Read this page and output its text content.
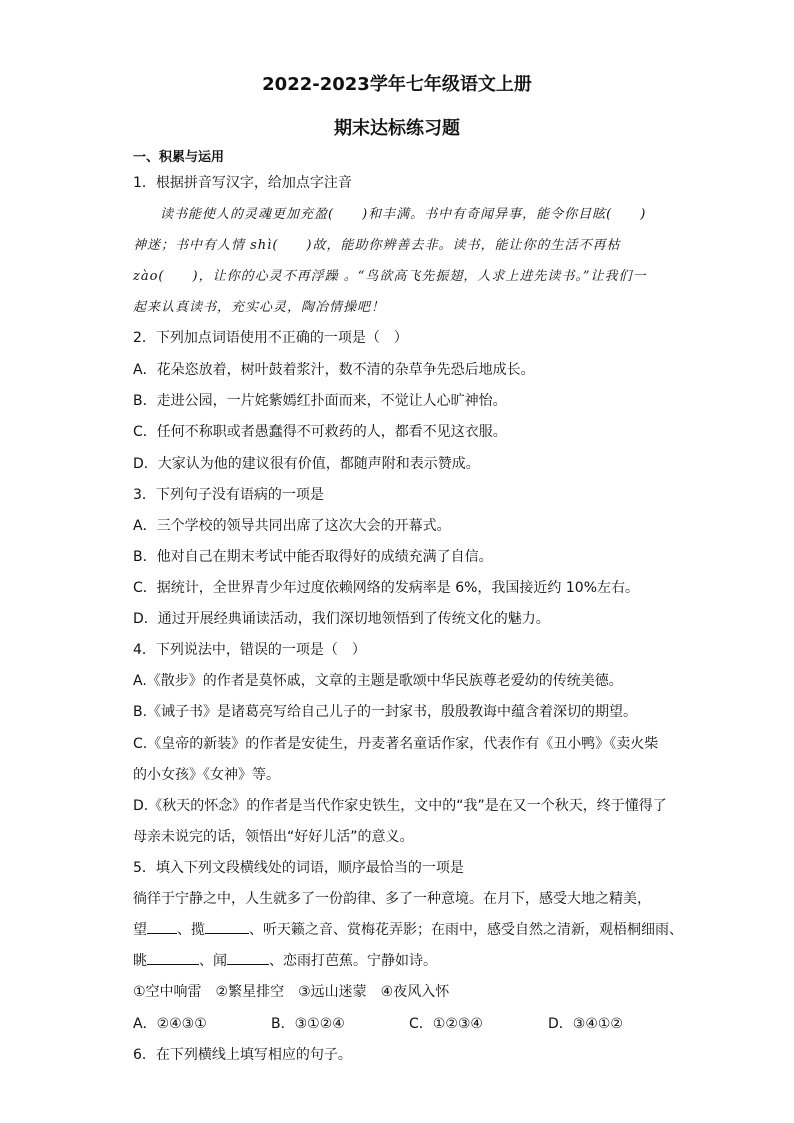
2022-2023学年七年级语文上册
期末达标练习题
一、积累与运用
1．根据拼音写汉字，给加点字注音
读书能使人的灵魂更加充盈(　　)和丰满。书中有奇闻异事，能令你目眩(　　)
神迷；书中有人情 shì(　　)故，能助你辨善去非。读书，能让你的生活不再枯
zào(　　)，让你的心灵不再浮躁 。“鸟欲高飞先振翅，人求上进先读书。”让我们一
起来认真读书，充实心灵，陶冶情操吧！
2．下列加点词语使用不正确的一项是（　）
A．花朵恣放着，树叶鼓着浆汁，数不清的杂草争先恐后地成长。
B．走进公园，一片姹紫嫣红扑面而来，不觉让人心旷神怡。
C．任何不称职或者愚蠢得不可救药的人，都看不见这衣服。
D．大家认为他的建议很有价值，都随声附和表示赞成。
3．下列句子没有语病的一项是
A．三个学校的领导共同出席了这次大会的开幕式。
B．他对自己在期末考试中能否取得好的成绩充满了自信。
C．据统计，全世界青少年过度依赖网络的发病率是 6%，我国接近约 10%左右。
D．通过开展经典诵读活动，我们深切地领悟到了传统文化的魅力。
4．下列说法中，错误的一项是（　）
A.《散步》的作者是莫怀戚，文章的主题是歌颂中华民族尊老爱幼的传统美德。
B.《诫子书》是诸葛亮写给自己儿子的一封家书，殷殷教诲中蕴含着深切的期望。
C.《皇帝的新装》的作者是安徒生，丹麦著名童话作家，代表作有《丑小鸭》《卖火柴
的小女孩》《女神》等。
D.《秋天的怀念》的作者是当代作家史铁生，文中的“我”是在又一个秋天，终于懂得了
母亲未说完的话，领悟出“好好儿活”的意义。
5．填入下列文段横线处的词语，顺序最恰当的一项是
徜徉于宁静之中，人生就多了一份韵律、多了一种意境。在月下，感受大地之精美，
望 、揽	、听天籁之音、赏梅花弄影；在雨中，感受自然之清新，观梧桐细雨、
眺	、闻	、恋雨打芭蕉。宁静如诗。
①空中响雷　②繁星排空　③远山迷蒙　④夜风入怀
A．②④③①	B．③①②④	C．①②③④	D．③④①②
6．在下列横线上填写相应的句子。
